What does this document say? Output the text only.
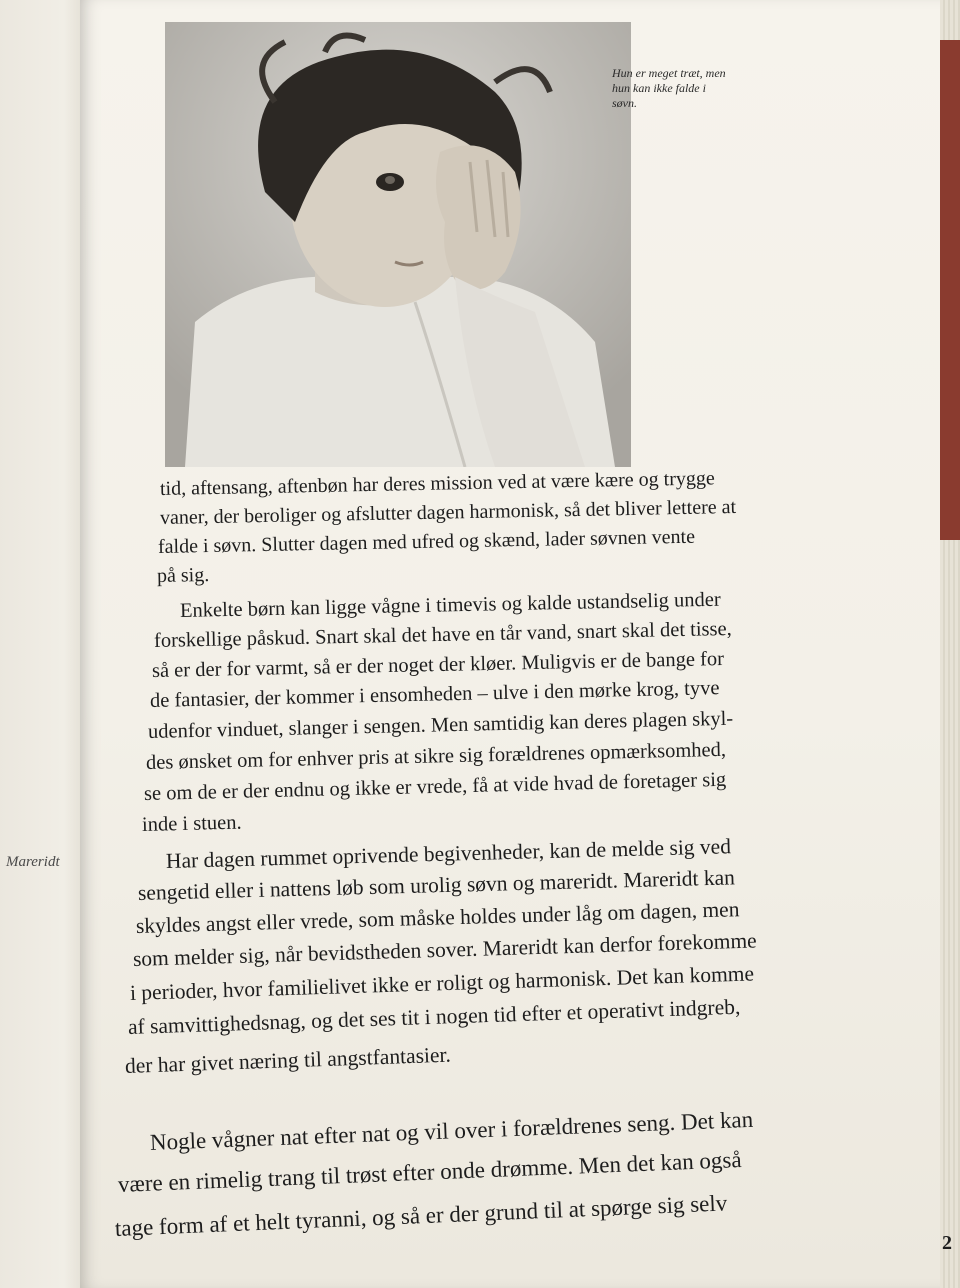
Hun er meget træt, men
hun kan ikke falde i
søvn.
Mareridt
tid, aftensang, aftenbøn har deres mission ved at være kære og trygge
vaner, der beroliger og afslutter dagen harmonisk, så det bliver lettere at
falde i søvn. Slutter dagen med ufred og skænd, lader søvnen vente
på sig.
Enkelte børn kan ligge vågne i timevis og kalde ustandselig under
forskellige påskud. Snart skal det have en tår vand, snart skal det tisse,
så er der for varmt, så er der noget der kløer. Muligvis er de bange for
de fantasier, der kommer i ensomheden – ulve i den mørke krog, tyve
udenfor vinduet, slanger i sengen. Men samtidig kan deres plagen skyl-
des ønsket om for enhver pris at sikre sig forældrenes opmærksomhed,
se om de er der endnu og ikke er vrede, få at vide hvad de foretager sig
inde i stuen.
Har dagen rummet oprivende begivenheder, kan de melde sig ved
sengetid eller i nattens løb som urolig søvn og mareridt. Mareridt kan
skyldes angst eller vrede, som måske holdes under låg om dagen, men
som melder sig, når bevidstheden sover. Mareridt kan derfor forekomme
i perioder, hvor familielivet ikke er roligt og harmonisk. Det kan komme
af samvittighedsnag, og det ses tit i nogen tid efter et operativt indgreb,
der har givet næring til angstfantasier.
Nogle vågner nat efter nat og vil over i forældrenes seng. Det kan
være en rimelig trang til trøst efter onde drømme. Men det kan også
tage form af et helt tyranni, og så er der grund til at spørge sig selv
2
